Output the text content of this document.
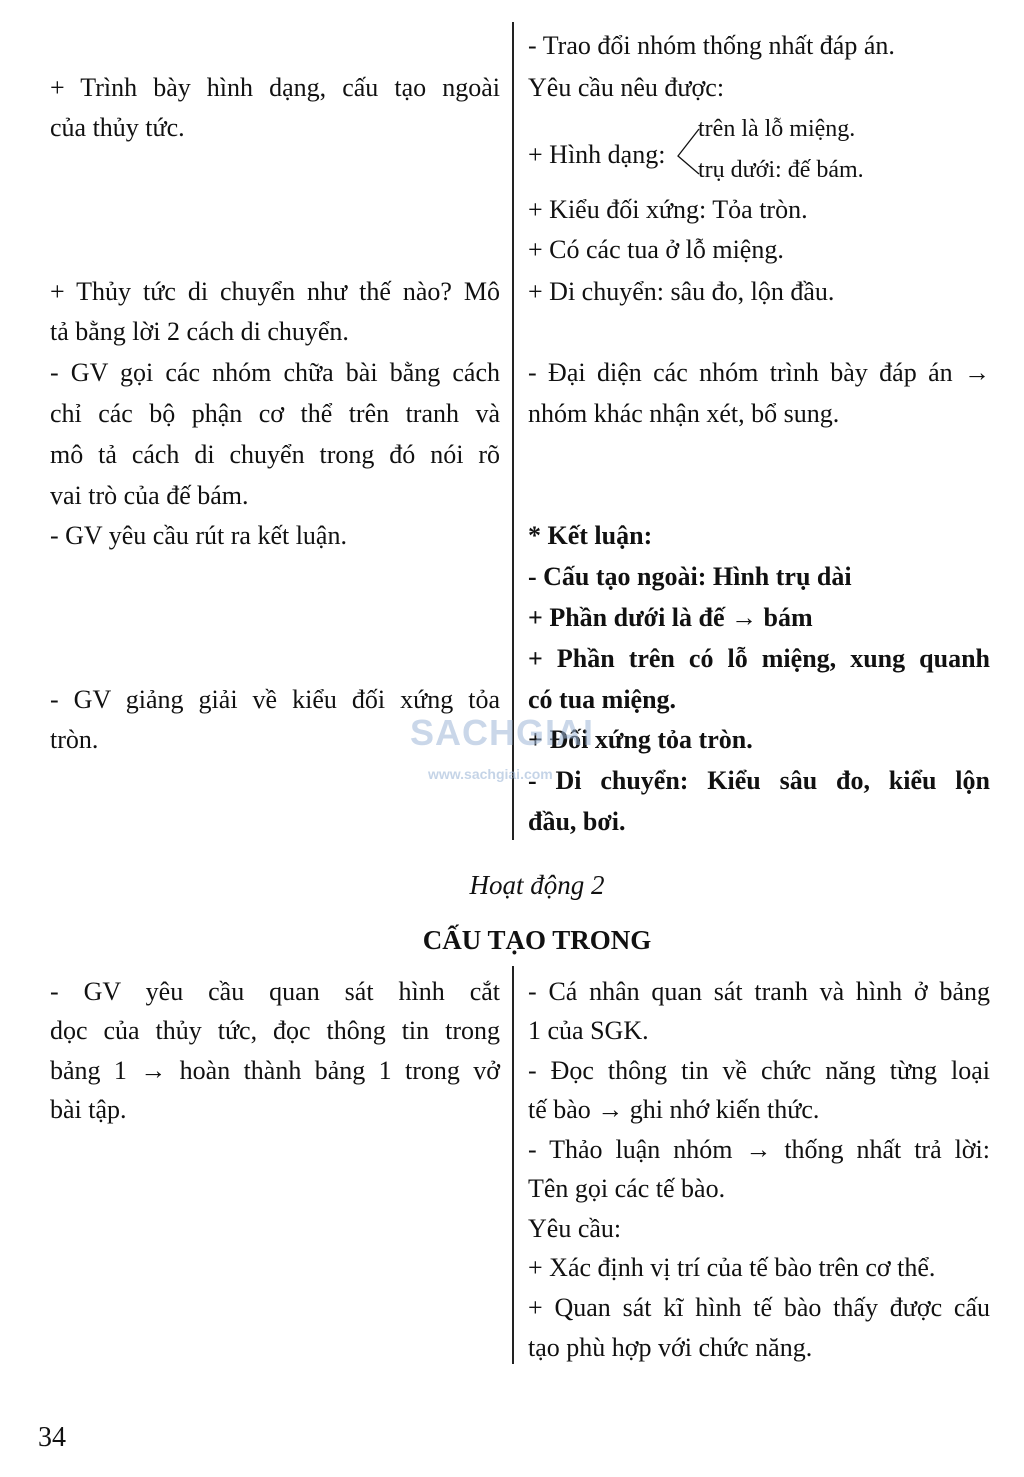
+ Trình bày hình dạng, cấu tạo ngoài
của thủy tức.
+ Thủy tức di chuyển như thế nào? Mô
tả bằng lời 2 cách di chuyển.
- GV gọi các nhóm chữa bài bằng cách
chỉ các bộ phận cơ thể trên tranh và
mô tả cách di chuyển trong đó nói rõ
vai trò của đế bám.
- GV yêu cầu rút ra kết luận.
- GV giảng giải về kiểu đối xứng tỏa
tròn.
- Trao đổi nhóm thống nhất đáp án.
Yêu cầu nêu được:
+ Hình dạng:
trên là lỗ miệng.
trụ dưới: đế bám.
+ Kiểu đối xứng: Tỏa tròn.
+ Có các tua ở lỗ miệng.
+ Di chuyển: sâu đo, lộn đầu.
- Đại diện các nhóm trình bày đáp án →
nhóm khác nhận xét, bổ sung.
* Kết luận:
- Cấu tạo ngoài: Hình trụ dài
+ Phần dưới là đế → bám
+ Phần trên có lỗ miệng, xung quanh
có tua miệng.
+ Đối xứng tỏa tròn.
- Di chuyển: Kiểu sâu đo, kiểu lộn
đầu, bơi.
Hoạt động 2
CẤU TẠO TRONG
- GV yêu cầu quan sát hình cắt
dọc của thủy tức, đọc thông tin trong
bảng 1 → hoàn thành bảng 1 trong vở
bài tập.
- Cá nhân quan sát tranh và hình ở bảng
1 của SGK.
- Đọc thông tin về chức năng từng loại
tế bào → ghi nhớ kiến thức.
- Thảo luận nhóm → thống nhất trả lời:
Tên gọi các tế bào.
Yêu cầu:
+ Xác định vị trí của tế bào trên cơ thể.
+ Quan sát kĩ hình tế bào thấy được cấu
tạo phù hợp với chức năng.
SACHGIAI
www.sachgiai.com
34
